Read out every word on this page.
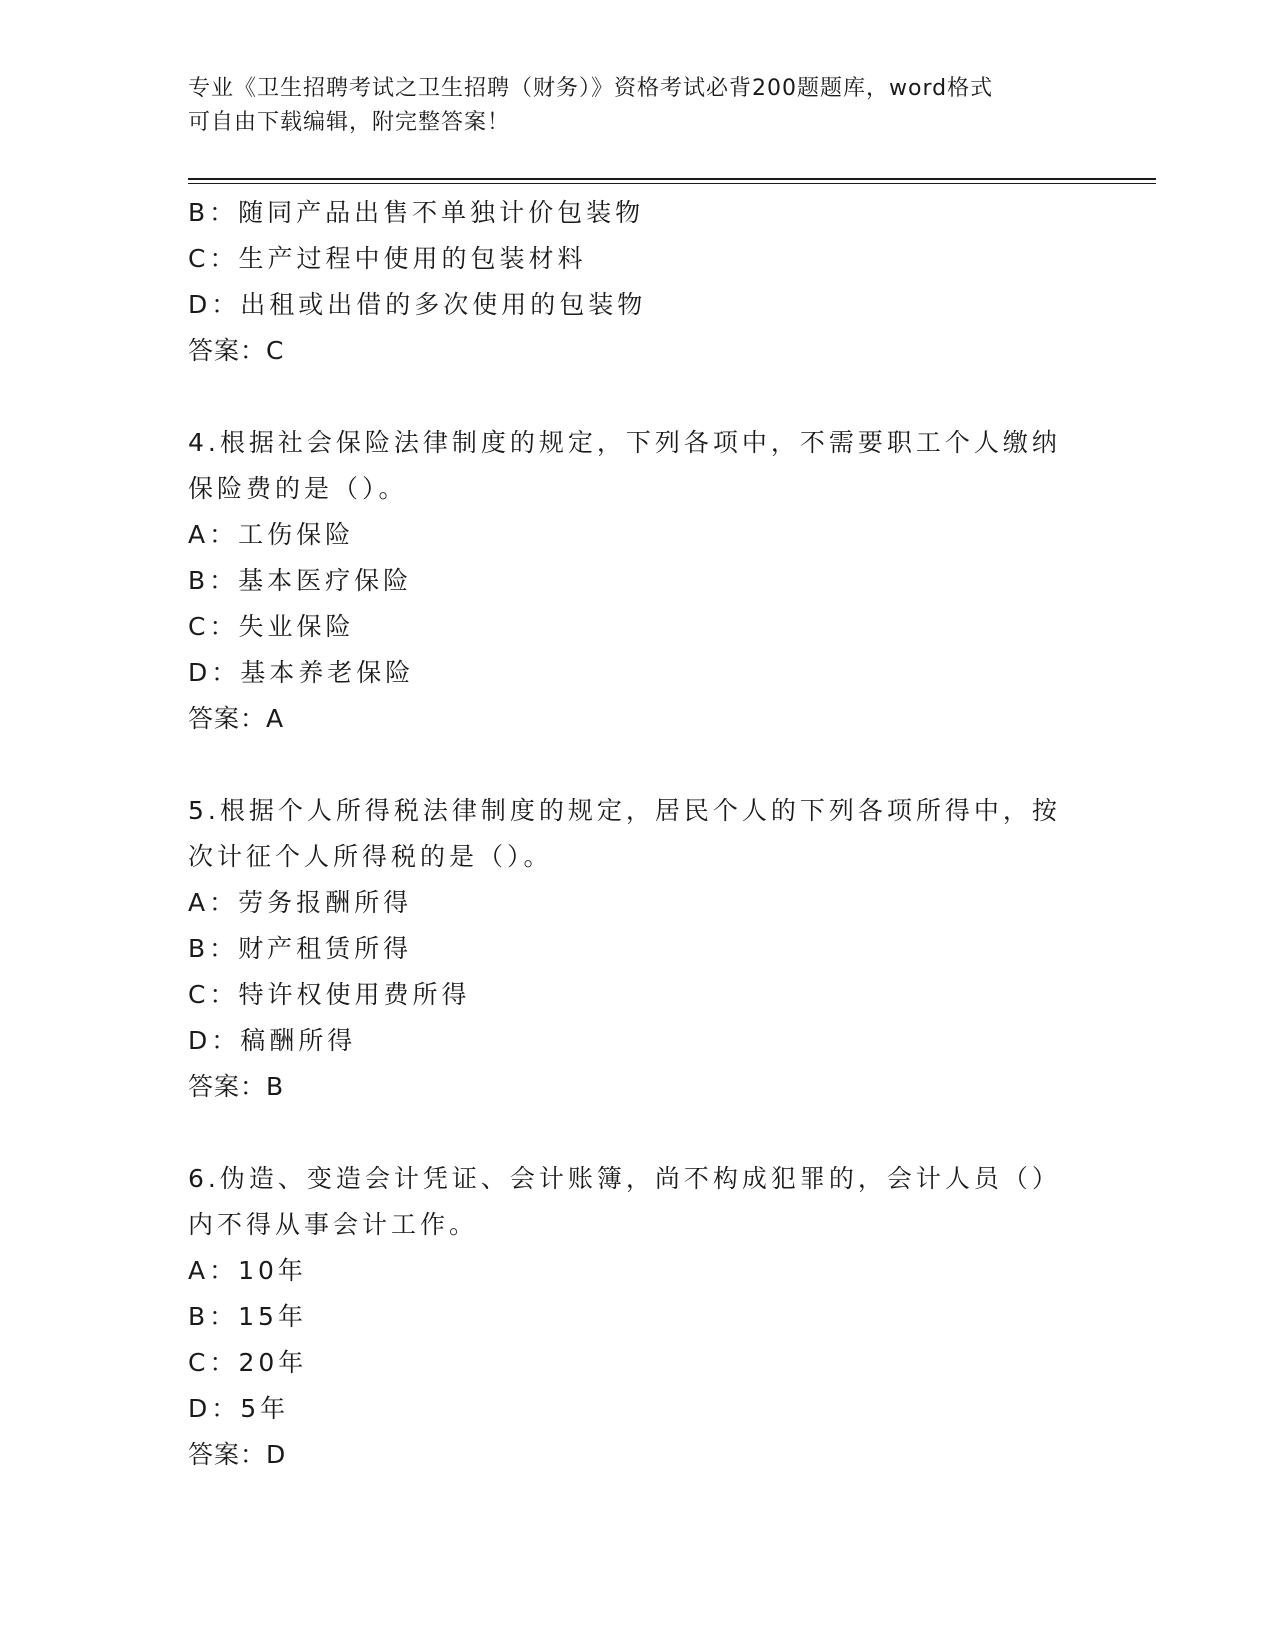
专业《卫生招聘考试之卫生招聘（财务）》资格考试必背200题题库，word格式
可自由下载编辑，附完整答案！
B：随同产品出售不单独计价包装物
C：生产过程中使用的包装材料
D：出租或出借的多次使用的包装物
答案：C
4.根据社会保险法律制度的规定，下列各项中，不需要职工个人缴纳
保险费的是（）。
A：工伤保险
B：基本医疗保险
C：失业保险
D：基本养老保险
答案：A
5.根据个人所得税法律制度的规定，居民个人的下列各项所得中，按
次计征个人所得税的是（）。
A：劳务报酬所得
B：财产租赁所得
C：特许权使用费所得
D：稿酬所得
答案：B
6.伪造、变造会计凭证、会计账簿，尚不构成犯罪的，会计人员（）
内不得从事会计工作。
A：10年
B：15年
C：20年
D：5年
答案：D
